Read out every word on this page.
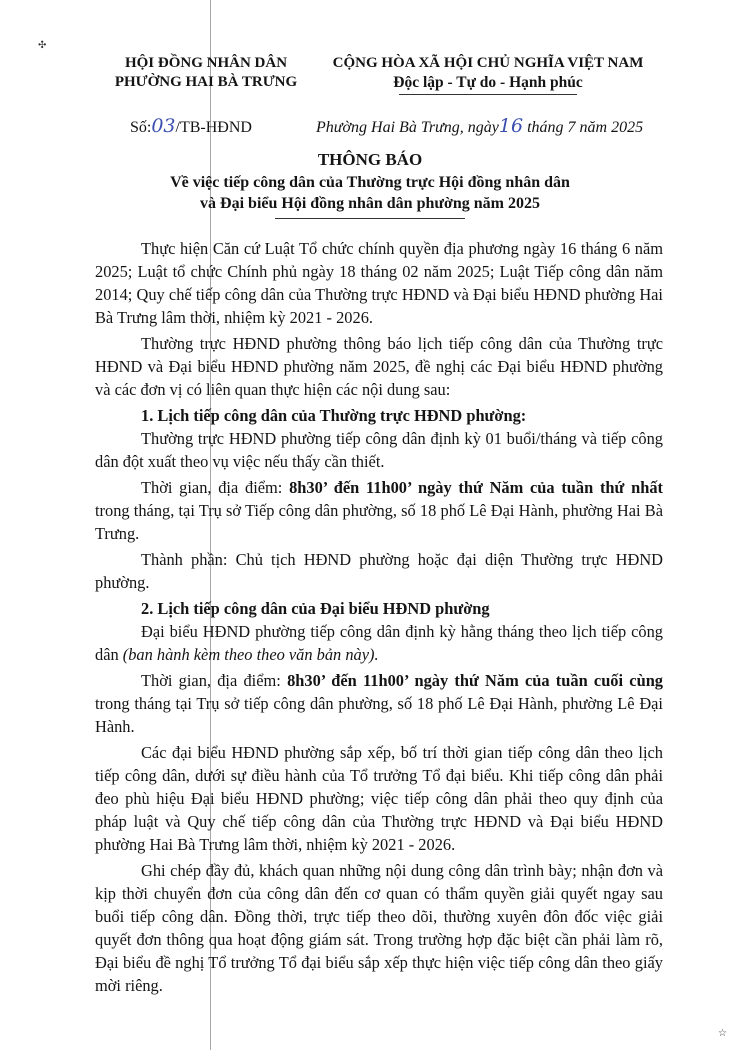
✣
☆
HỘI ĐỒNG NHÂN DÂN
PHƯỜNG HAI BÀ TRƯNG
CỘNG HÒA XÃ HỘI CHỦ NGHĨA VIỆT NAM
Độc lập - Tự do - Hạnh phúc
Số:03/TB-HĐND	Phường Hai Bà Trưng, ngày16 tháng 7 năm 2025
THÔNG BÁO
Về việc tiếp công dân của Thường trực Hội đồng nhân dân
và Đại biểu Hội đồng nhân dân phường năm 2025

Thực hiện Căn cứ Luật Tổ chức chính quyền địa phương ngày 16 tháng 6 năm 2025; Luật tổ chức Chính phủ ngày 18 tháng 02 năm 2025; Luật Tiếp công dân năm 2014; Quy chế tiếp công dân của Thường trực HĐND và Đại biểu HĐND phường Hai Bà Trưng lâm thời, nhiệm kỳ 2021 - 2026.

Thường trực HĐND phường thông báo lịch tiếp công dân của Thường trực HĐND và Đại biểu HĐND phường năm 2025, đề nghị các Đại biểu HĐND phường và các đơn vị có liên quan thực hiện các nội dung sau:

1. Lịch tiếp công dân của Thường trực HĐND phường:

Thường trực HĐND phường tiếp công dân định kỳ 01 buổi/tháng và tiếp công dân đột xuất theo vụ việc nếu thấy cần thiết.

Thời gian, địa điểm: 8h30’ đến 11h00’ ngày thứ Năm của tuần thứ nhất trong tháng, tại Trụ sở Tiếp công dân phường, số 18 phố Lê Đại Hành, phường Hai Bà Trưng.

Thành phần: Chủ tịch HĐND phường hoặc đại diện Thường trực HĐND phường.

2. Lịch tiếp công dân của Đại biểu HĐND phường

Đại biểu HĐND phường tiếp công dân định kỳ hằng tháng theo lịch tiếp công dân (ban hành kèm theo theo văn bản này).

Thời gian, địa điểm: 8h30’ đến 11h00’ ngày thứ Năm của tuần cuối cùng trong tháng tại Trụ sở tiếp công dân phường, số 18 phố Lê Đại Hành, phường Lê Đại Hành.

Các đại biểu HĐND phường sắp xếp, bố trí thời gian tiếp công dân theo lịch tiếp công dân, dưới sự điều hành của Tổ trưởng Tổ đại biểu. Khi tiếp công dân phải đeo phù hiệu Đại biểu HĐND phường; việc tiếp công dân phải theo quy định của pháp luật và Quy chế tiếp công dân của Thường trực HĐND và Đại biểu HĐND phường Hai Bà Trưng lâm thời, nhiệm kỳ 2021 - 2026.

Ghi chép đầy đủ, khách quan những nội dung công dân trình bày; nhận đơn và kịp thời chuyển đơn của công dân đến cơ quan có thẩm quyền giải quyết ngay sau buổi tiếp công dân. Đồng thời, trực tiếp theo dõi, thường xuyên đôn đốc việc giải quyết đơn thông qua hoạt động giám sát. Trong trường hợp đặc biệt cần phải làm rõ, Đại biểu đề nghị Tổ trưởng Tổ đại biểu sắp xếp thực hiện việc tiếp công dân theo giấy mời riêng.
